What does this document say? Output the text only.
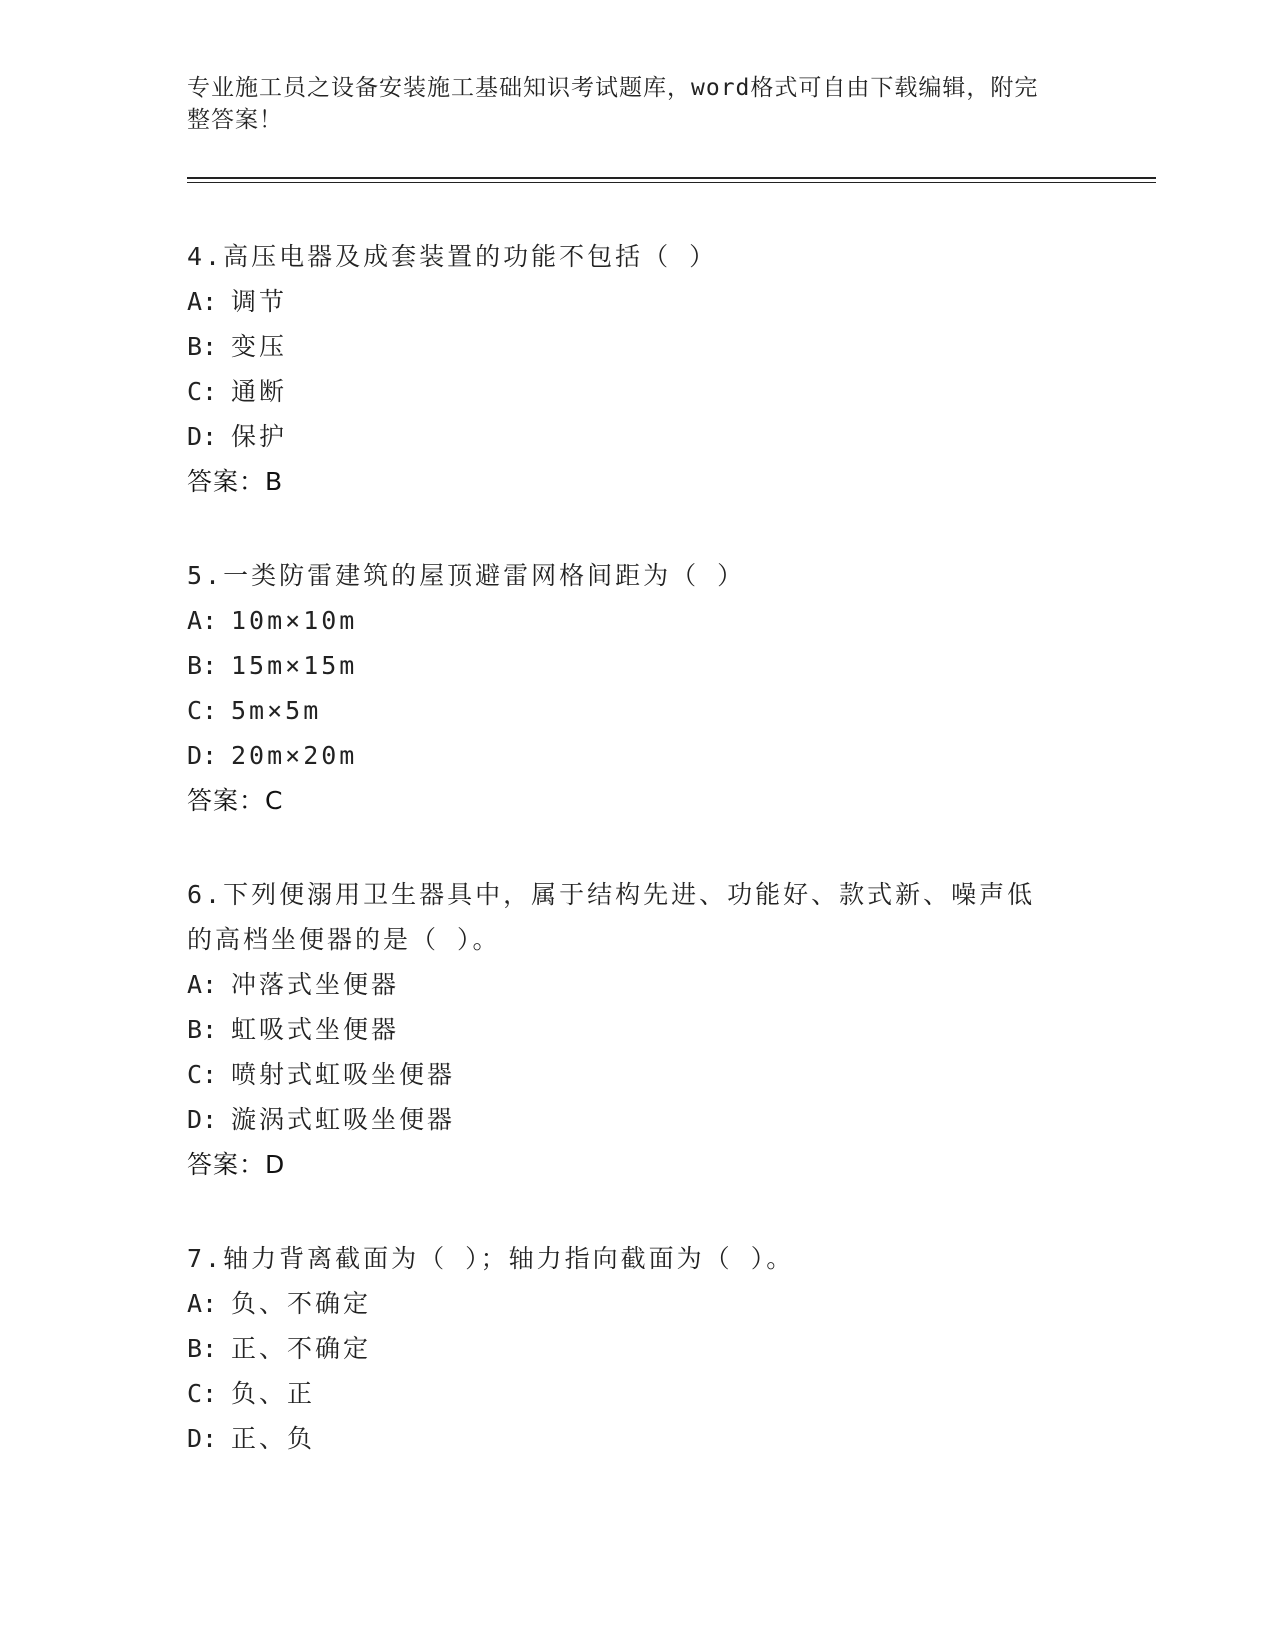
专业施工员之设备安装施工基础知识考试题库，word格式可自由下载编辑，附完
整答案！
4.高压电器及成套装置的功能不包括（ ）
A: 调节
B: 变压
C: 通断
D: 保护
答案：B
5.一类防雷建筑的屋顶避雷网格间距为（ ）
A: 10m×10m
B: 15m×15m
C: 5m×5m
D: 20m×20m
答案：C
6.下列便溺用卫生器具中，属于结构先进、功能好、款式新、噪声低
的高档坐便器的是（ ）。
A: 冲落式坐便器
B: 虹吸式坐便器
C: 喷射式虹吸坐便器
D: 漩涡式虹吸坐便器
答案：D
7.轴力背离截面为（ ）；轴力指向截面为（ ）。
A: 负、不确定
B: 正、不确定
C: 负、正
D: 正、负
